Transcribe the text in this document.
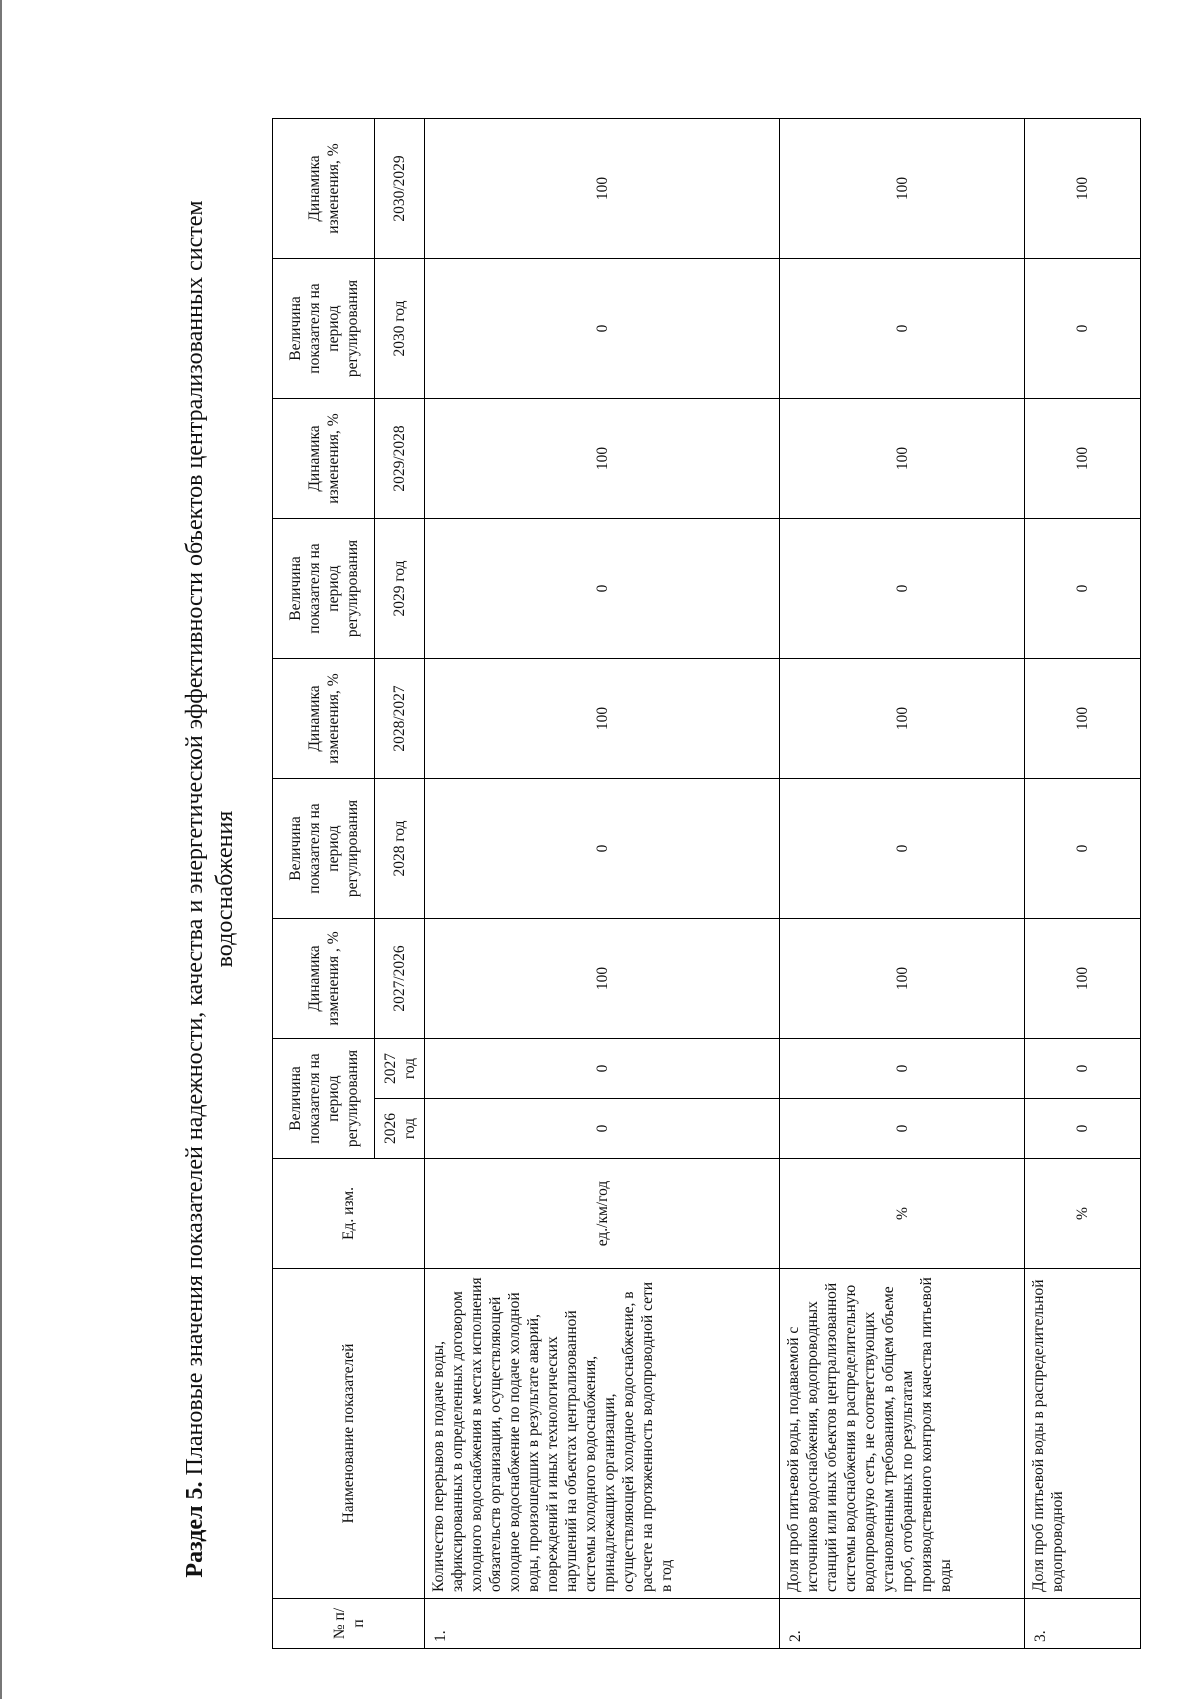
Раздел 5. Плановые значения показателей надежности, качества и энергетической эффективности объектов централизованных систем водоснабжения
№ п/п	Наименование показателей	Ед. изм.	Величина показателя на период регулирования		Динамика изменения , %	Величина показателя на период регулирования	Динамика изменения, %	Величина показателя на период регулирования	Динамика изменения, %	Величина показателя на период регулирования	Динамика изменения, %
			2026 год	2027 год	2027/2026	2028 год	2028/2027	2029 год	2029/2028	2030 год	2030/2029
1.	Количество перерывов в подаче воды, зафиксированных в определенных договором холодного водоснабжения в местах исполнения обязательств организации, осуществляющей холодное водоснабжение по подаче холодной воды, произошедших в результате аварий, повреждений и иных технологических нарушений на объектах централизованной системы холодного водоснабжения, принадлежащих организации, осуществляющей холодное водоснабжение, в расчете на протяженность водопроводной сети в год	ед./км/год	0	0	100	0	100	0	100	0	100
2.	Доля проб питьевой воды, подаваемой с источников водоснабжения, водопроводных станций или иных объектов централизованной системы водоснабжения в распределительную водопроводную сеть, не соответствующих установленным требованиям, в общем объеме проб, отобранных по результатам производственного контроля качества питьевой воды	%	0	0	100	0	100	0	100	0	100
3.	Доля проб питьевой воды в распределительной водопроводной	%	0	0	100	0	100	0	100	0	100
